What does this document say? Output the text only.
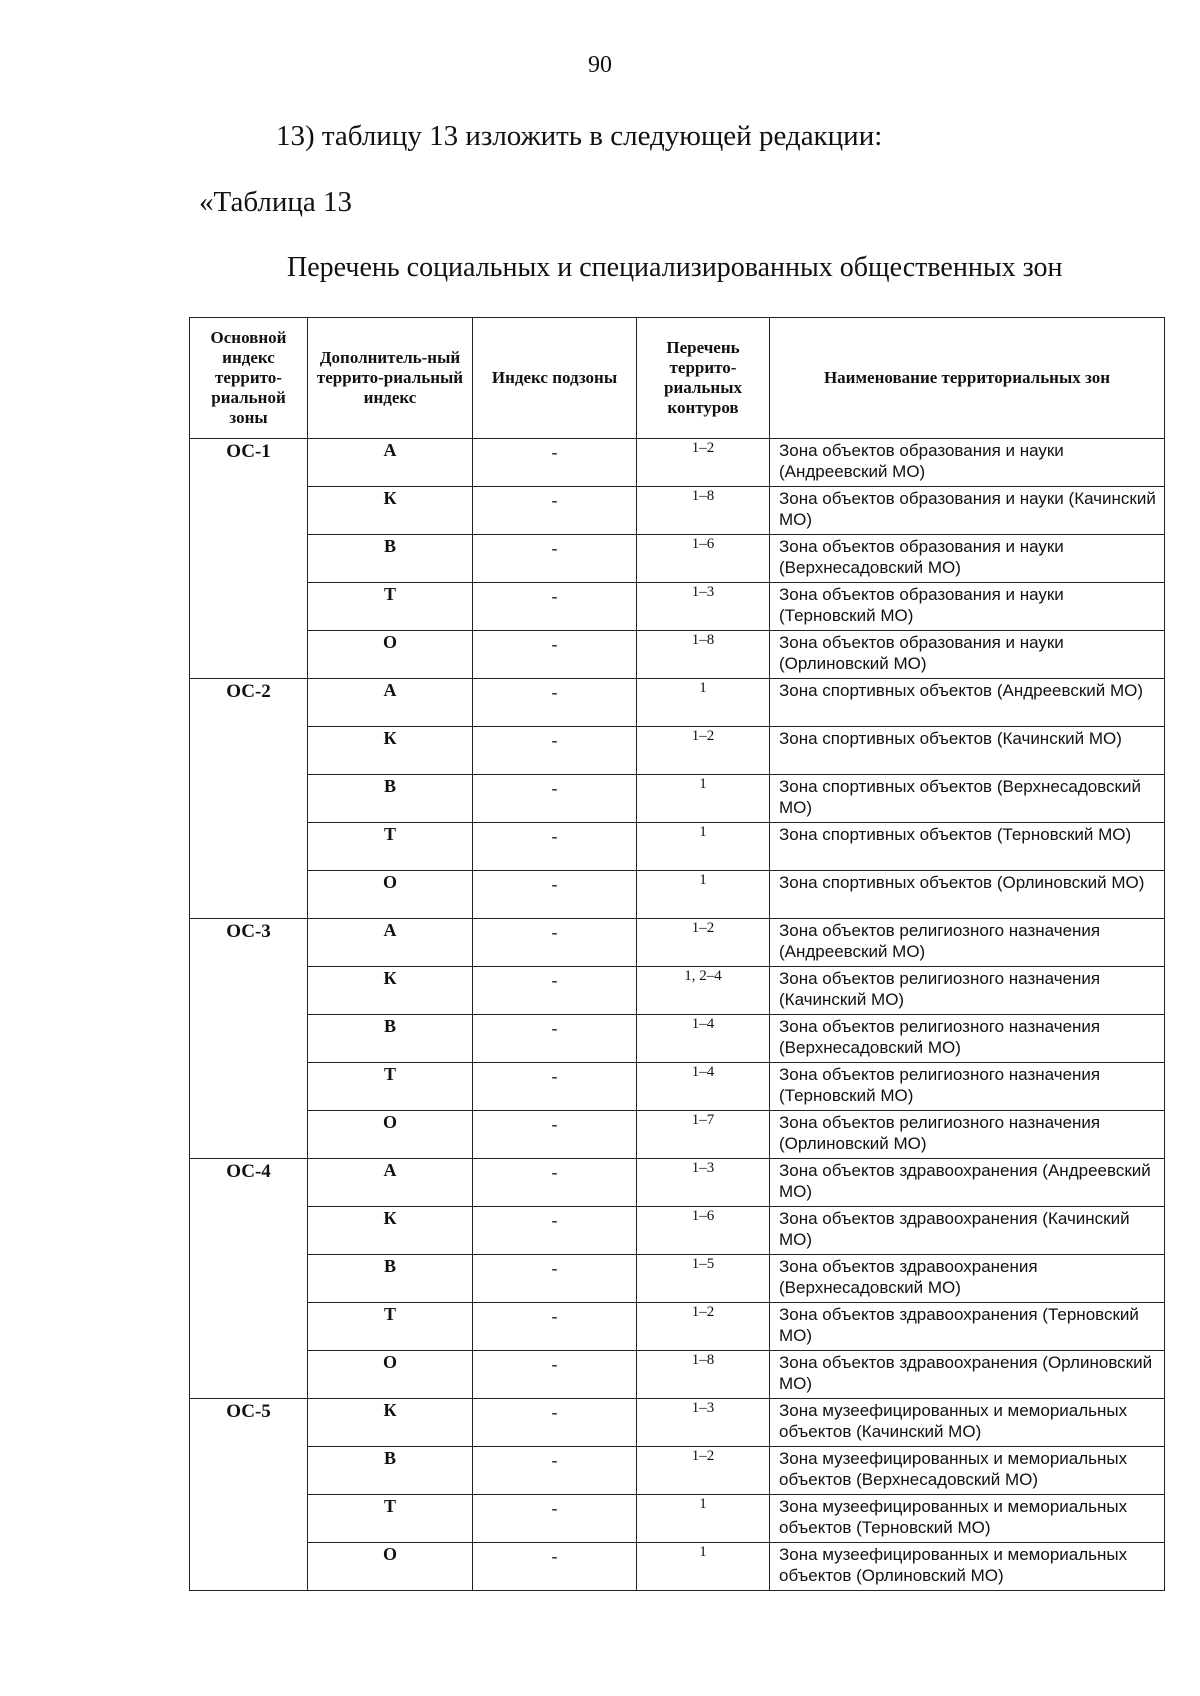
90
13) таблицу 13 изложить в следующей редакции:
«Таблица 13
Перечень социальных и специализированных общественных зон
Основной индекс террито-риальной зоны	Дополнитель-ный террито-риальный индекс	Индекс подзоны	Перечень террито-риальных контуров	Наименование территориальных зон
ОС-1	А	-	1–2	Зона объектов образования и науки (Андреевский МО)
	К	-	1–8	Зона объектов образования и науки (Качинский МО)
	В	-	1–6	Зона объектов образования и науки (Верхнесадовский МО)
	Т	-	1–3	Зона объектов образования и науки (Терновский МО)
	О	-	1–8	Зона объектов образования и науки (Орлиновский МО)
ОС-2	А	-	1	Зона спортивных объектов (Андреевский МО)
	К	-	1–2	Зона спортивных объектов (Качинский МО)
	В	-	1	Зона спортивных объектов (Верхнесадовский МО)
	Т	-	1	Зона спортивных объектов (Терновский МО)
	О	-	1	Зона спортивных объектов (Орлиновский МО)
ОС-3	А	-	1–2	Зона объектов религиозного назначения (Андреевский МО)
	К	-	1, 2–4	Зона объектов религиозного назначения (Качинский МО)
	В	-	1–4	Зона объектов религиозного назначения (Верхнесадовский МО)
	Т	-	1–4	Зона объектов религиозного назначения (Терновский МО)
	О	-	1–7	Зона объектов религиозного назначения (Орлиновский МО)
ОС-4	А	-	1–3	Зона объектов здравоохранения (Андреевский МО)
	К	-	1–6	Зона объектов здравоохранения (Качинский МО)
	В	-	1–5	Зона объектов здравоохранения (Верхнесадовский МО)
	Т	-	1–2	Зона объектов здравоохранения (Терновский МО)
	О	-	1–8	Зона объектов здравоохранения (Орлиновский МО)
ОС-5	К	-	1–3	Зона музеефицированных и мемориальных объектов (Качинский МО)
	В	-	1–2	Зона музеефицированных и мемориальных объектов (Верхнесадовский МО)
	Т	-	1	Зона музеефицированных и мемориальных объектов (Терновский МО)
	О	-	1	Зона музеефицированных и мемориальных объектов (Орлиновский МО)
